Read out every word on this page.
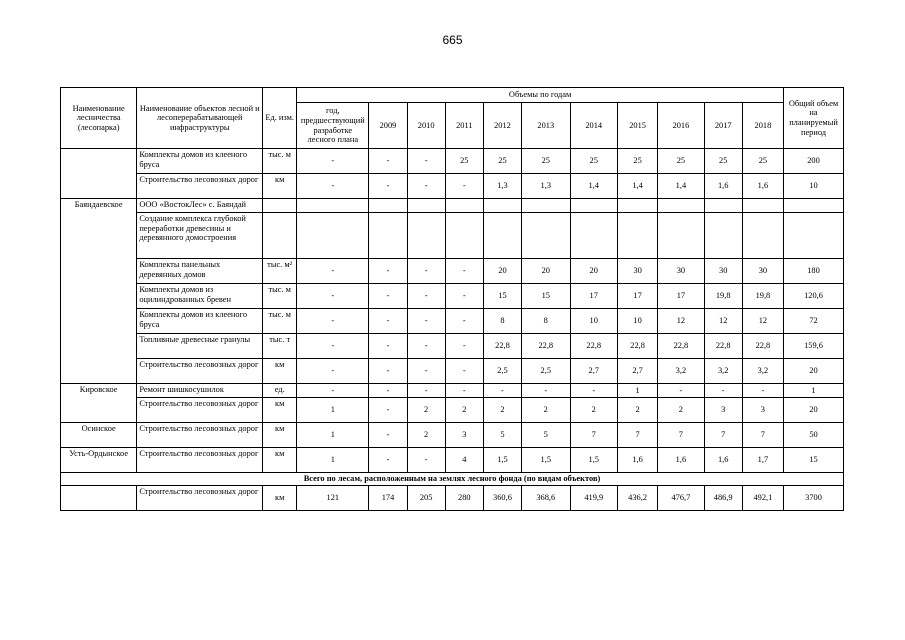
665
Наименование лесничества (лесопарка)	Наименование объектов лесной и лесоперерабатывающей инфраструктуры	Ед. изм.	Объемы по годам											Общий объем на планируемый период
			год, предшествующий разработке лесного плана	2009	2010	2011	2012	2013	2014	2015	2016	2017	2018	
	Комплекты домов из клееного бруса	тыс. м	-	-	-	25	25	25	25	25	25	25	25	200
	Строительство лесовозных дорог	км	-	-	-	-	1,3	1,3	1,4	1,4	1,4	1,6	1,6	10
Баяндаевское	ООО «ВостокЛес» с. Баяндай													
	Создание комплекса глубокой переработки древесины и деревянного домостроения													
	Комплекты панельных деревянных домов	тыс. м²	-	-	-	-	20	20	20	30	30	30	30	180
	Комплекты домов из оцилиндрованных бревен	тыс. м	-	-	-	-	15	15	17	17	17	19,8	19,8	120,6
	Комплекты домов из клееного бруса	тыс. м	-	-	-	-	8	8	10	10	12	12	12	72
	Топливные древесные гранулы	тыс. т	-	-	-	-	22,8	22,8	22,8	22,8	22,8	22,8	22,8	159,6
	Строительство лесовозных дорог	км	-	-	-	-	2,5	2,5	2,7	2,7	3,2	3,2	3,2	20
Кировское	Ремонт шишкосушилок	ед.	-	-	-	-	-	-	-	1	-	-	-	1
	Строительство лесовозных дорог	км	1	-	2	2	2	2	2	2	2	3	3	20
Осинское	Строительство лесовозных дорог	км	1	-	2	3	5	5	7	7	7	7	7	50
Усть-Ордынское	Строительство лесовозных дорог	км	1	-	-	4	1,5	1,5	1,5	1,6	1,6	1,6	1,7	15
Всего по лесам, расположенным на землях лесного фонда (по видам объектов)														
	Строительство лесовозных дорог	км	121	174	205	280	360,6	368,6	419,9	436,2	476,7	486,9	492,1	3700
